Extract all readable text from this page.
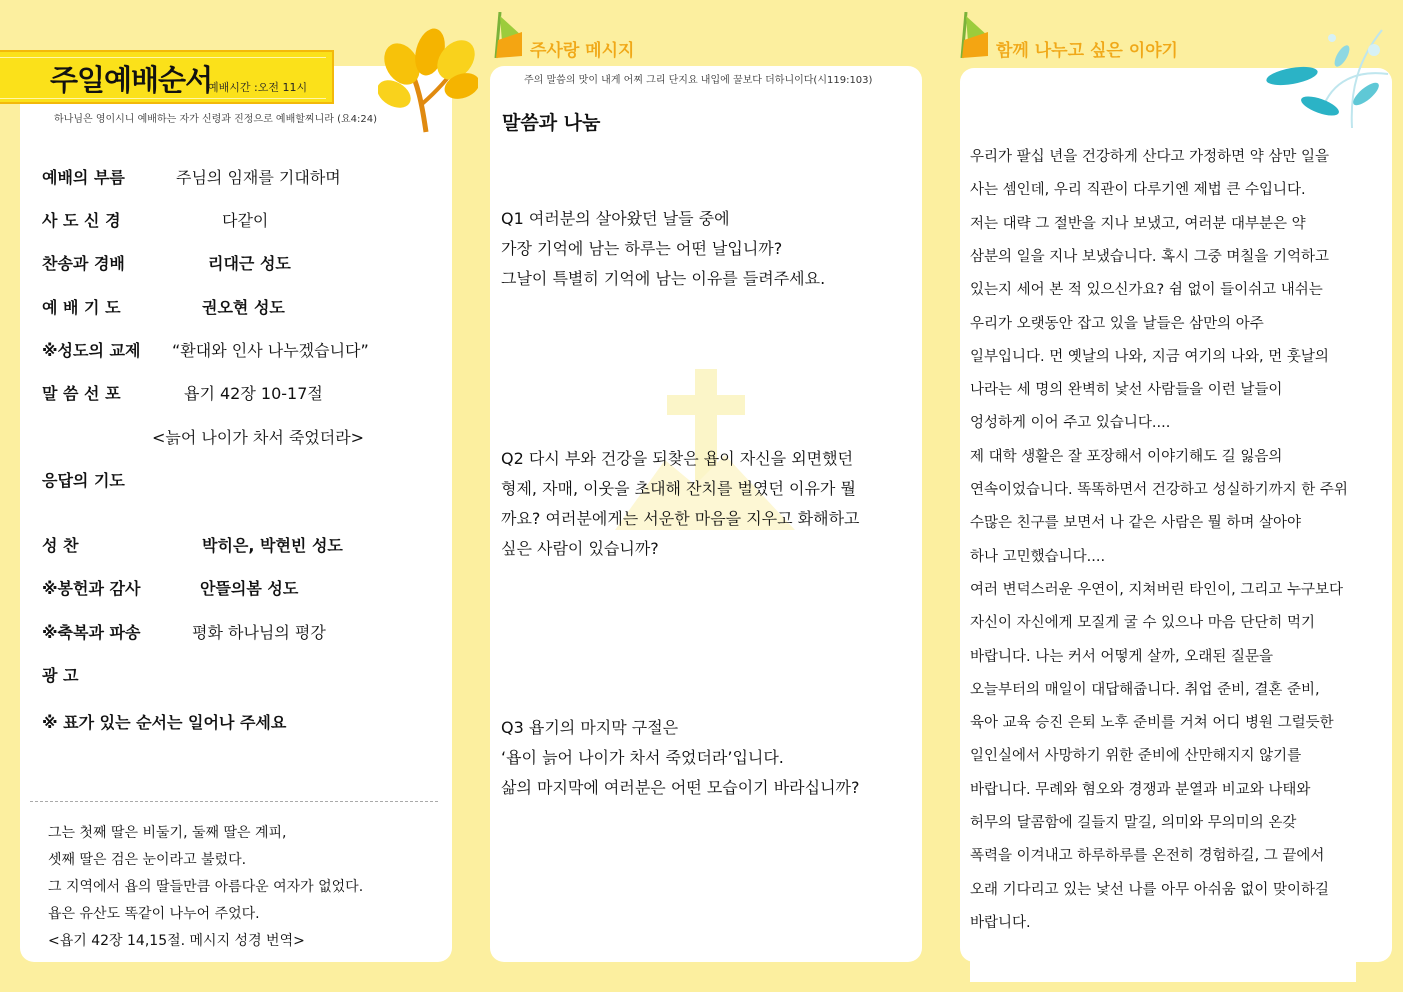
주일예배순서
예배시간 :오전 11시
하나님은 영이시니 예배하는 자가 신령과 진정으로 예배할찌니라 (요4:24)
예배의 부름	주님의 임재를 기대하며
사 도 신 경	다같이
찬송과 경배	리대근 성도
예 배 기 도	권오현 성도
※성도의 교제 “환대와 인사 나누겠습니다”
말 씀 선 포	욥기 42장 10-17절
<늙어 나이가 차서 죽었더라>
응답의 기도
성 찬	박히은, 박현빈 성도
※봉헌과 감사	안뜰의봄 성도
※축복과 파송	평화 하나님의 평강
광 고
※ 표가 있는 순서는 일어나 주세요
그는 첫째 딸은 비둘기, 둘째 딸은 계피,
셋째 딸은 검은 눈이라고 불렀다.
그 지역에서 욥의 딸들만큼 아름다운 여자가 없었다.
욥은 유산도 똑같이 나누어 주었다.
<욥기 42장 14,15절. 메시지 성경 번역>
주사랑 메시지
주의 말씀의 맛이 내게 어찌 그리 단지요 내입에 꿀보다 더하니이다(시119:103)
말씀과 나눔
Q1 여러분의 살아왔던 날들 중에
가장 기억에 남는 하루는 어떤 날입니까?
그날이 특별히 기억에 남는 이유를 들려주세요.
Q2 다시 부와 건강을 되찾은 욥이 자신을 외면했던
형제, 자매, 이웃을 초대해 잔치를 벌였던 이유가 뭘
까요? 여러분에게는 서운한 마음을 지우고 화해하고
싶은 사람이 있습니까?
Q3 욥기의 마지막 구절은
‘욥이 늙어 나이가 차서 죽었더라’입니다.
삶의 마지막에 여러분은 어떤 모습이기 바라십니까?
함께 나누고 싶은 이야기
우리가 팔십 년을 건강하게 산다고 가정하면 약 삼만 일을
사는 셈인데, 우리 직관이 다루기엔 제법 큰 수입니다.
저는 대략 그 절반을 지나 보냈고, 여러분 대부분은 약
삼분의 일을 지나 보냈습니다. 혹시 그중 며칠을 기억하고
있는지 세어 본 적 있으신가요? 쉼 없이 들이쉬고 내쉬는
우리가 오랫동안 잡고 있을 날들은 삼만의 아주
일부입니다. 먼 옛날의 나와, 지금 여기의 나와, 먼 훗날의
나라는 세 명의 완벽히 낯선 사람들을 이런 날들이
엉성하게 이어 주고 있습니다....
제 대학 생활은 잘 포장해서 이야기해도 길 잃음의
연속이었습니다. 똑똑하면서 건강하고 성실하기까지 한 주위
수많은 친구를 보면서 나 같은 사람은 뭘 하며 살아야
하나 고민했습니다....
여러 변덕스러운 우연이, 지쳐버린 타인이, 그리고 누구보다
자신이 자신에게 모질게 굴 수 있으나 마음 단단히 먹기
바랍니다. 나는 커서 어떻게 살까, 오래된 질문을
오늘부터의 매일이 대답해줍니다. 취업 준비, 결혼 준비,
육아 교육 승진 은퇴 노후 준비를 거쳐 어디 병원 그럴듯한
일인실에서 사망하기 위한 준비에 산만해지지 않기를
바랍니다. 무례와 혐오와 경쟁과 분열과 비교와 나태와
허무의 달콤함에 길들지 말길, 의미와 무의미의 온갖
폭력을 이겨내고 하루하루를 온전히 경험하길, 그 끝에서
오래 기다리고 있는 낯선 나를 아무 아쉬움 없이 맞이하길
바랍니다.
